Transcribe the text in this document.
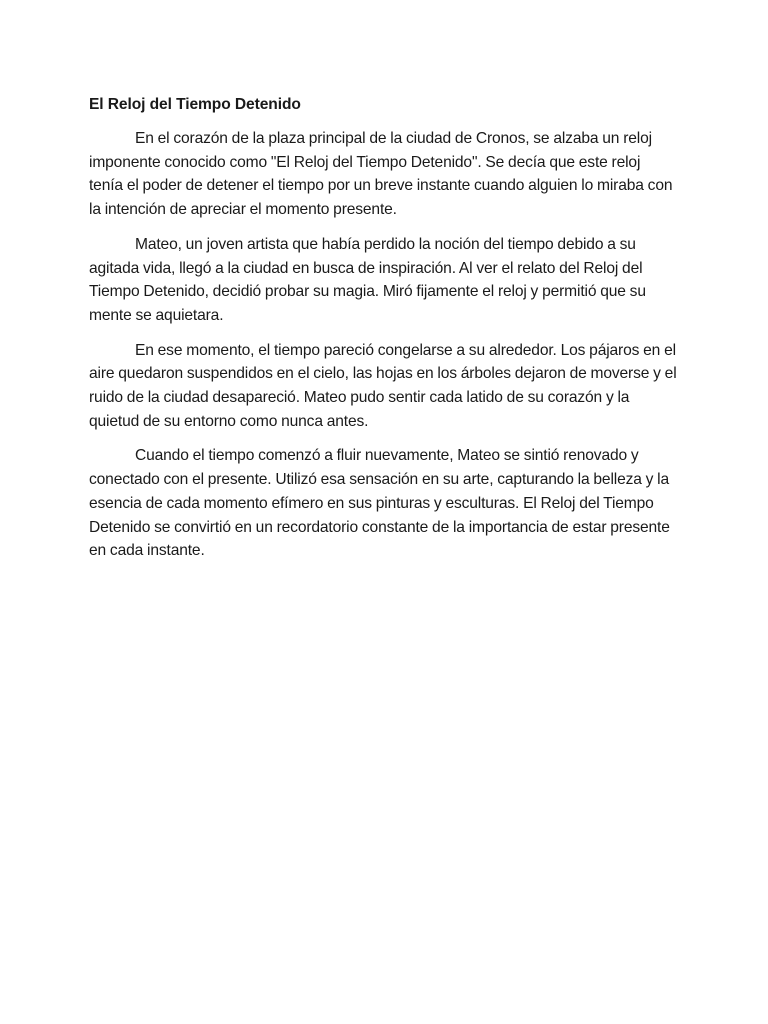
El Reloj del Tiempo Detenido

En el corazón de la plaza principal de la ciudad de Cronos, se alzaba un reloj imponente conocido como "El Reloj del Tiempo Detenido". Se decía que este reloj tenía el poder de detener el tiempo por un breve instante cuando alguien lo miraba con la intención de apreciar el momento presente.

Mateo, un joven artista que había perdido la noción del tiempo debido a su agitada vida, llegó a la ciudad en busca de inspiración. Al ver el relato del Reloj del Tiempo Detenido, decidió probar su magia. Miró fijamente el reloj y permitió que su mente se aquietara.

En ese momento, el tiempo pareció congelarse a su alrededor. Los pájaros en el aire quedaron suspendidos en el cielo, las hojas en los árboles dejaron de moverse y el ruido de la ciudad desapareció. Mateo pudo sentir cada latido de su corazón y la quietud de su entorno como nunca antes.

Cuando el tiempo comenzó a fluir nuevamente, Mateo se sintió renovado y conectado con el presente. Utilizó esa sensación en su arte, capturando la belleza y la esencia de cada momento efímero en sus pinturas y esculturas. El Reloj del Tiempo Detenido se convirtió en un recordatorio constante de la importancia de estar presente en cada instante.
